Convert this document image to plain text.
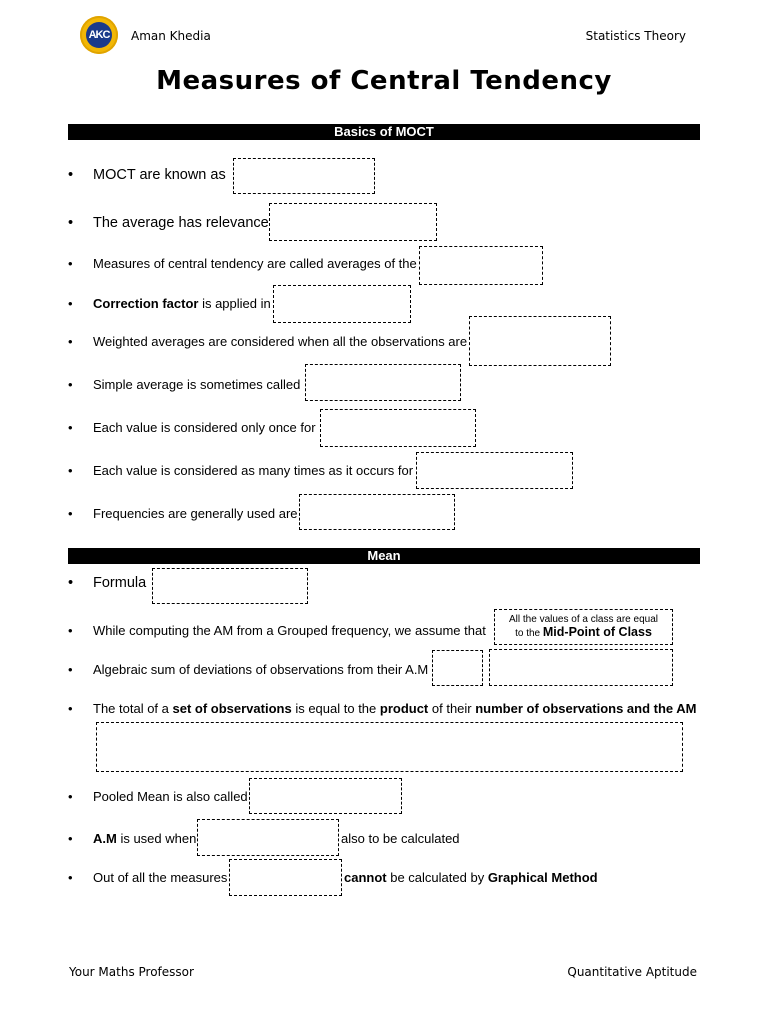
AKC Aman Khedia	Statistics Theory
Measures of Central Tendency
Basics of MOCT
• MOCT are known as
• The average has relevance
• Measures of central tendency are called averages of the
• Correction factor is applied in
• Weighted averages are considered when all the observations are
• Simple average is sometimes called
• Each value is considered only once for
• Each value is considered as many times as it occurs for
• Frequencies are generally used are
Mean
• Formula
• While computing the AM from a Grouped frequency, we assume that
All the values of a class are equal
to the Mid-Point of Class
• Algebraic sum of deviations of observations from their A.M
• The total of a set of observations is equal to the product of their number of observations and the AM
• Pooled Mean is also called
• A.M is used when	also to be calculated
• Out of all the measures	cannot be calculated by Graphical Method
Your Maths Professor	Quantitative Aptitude
